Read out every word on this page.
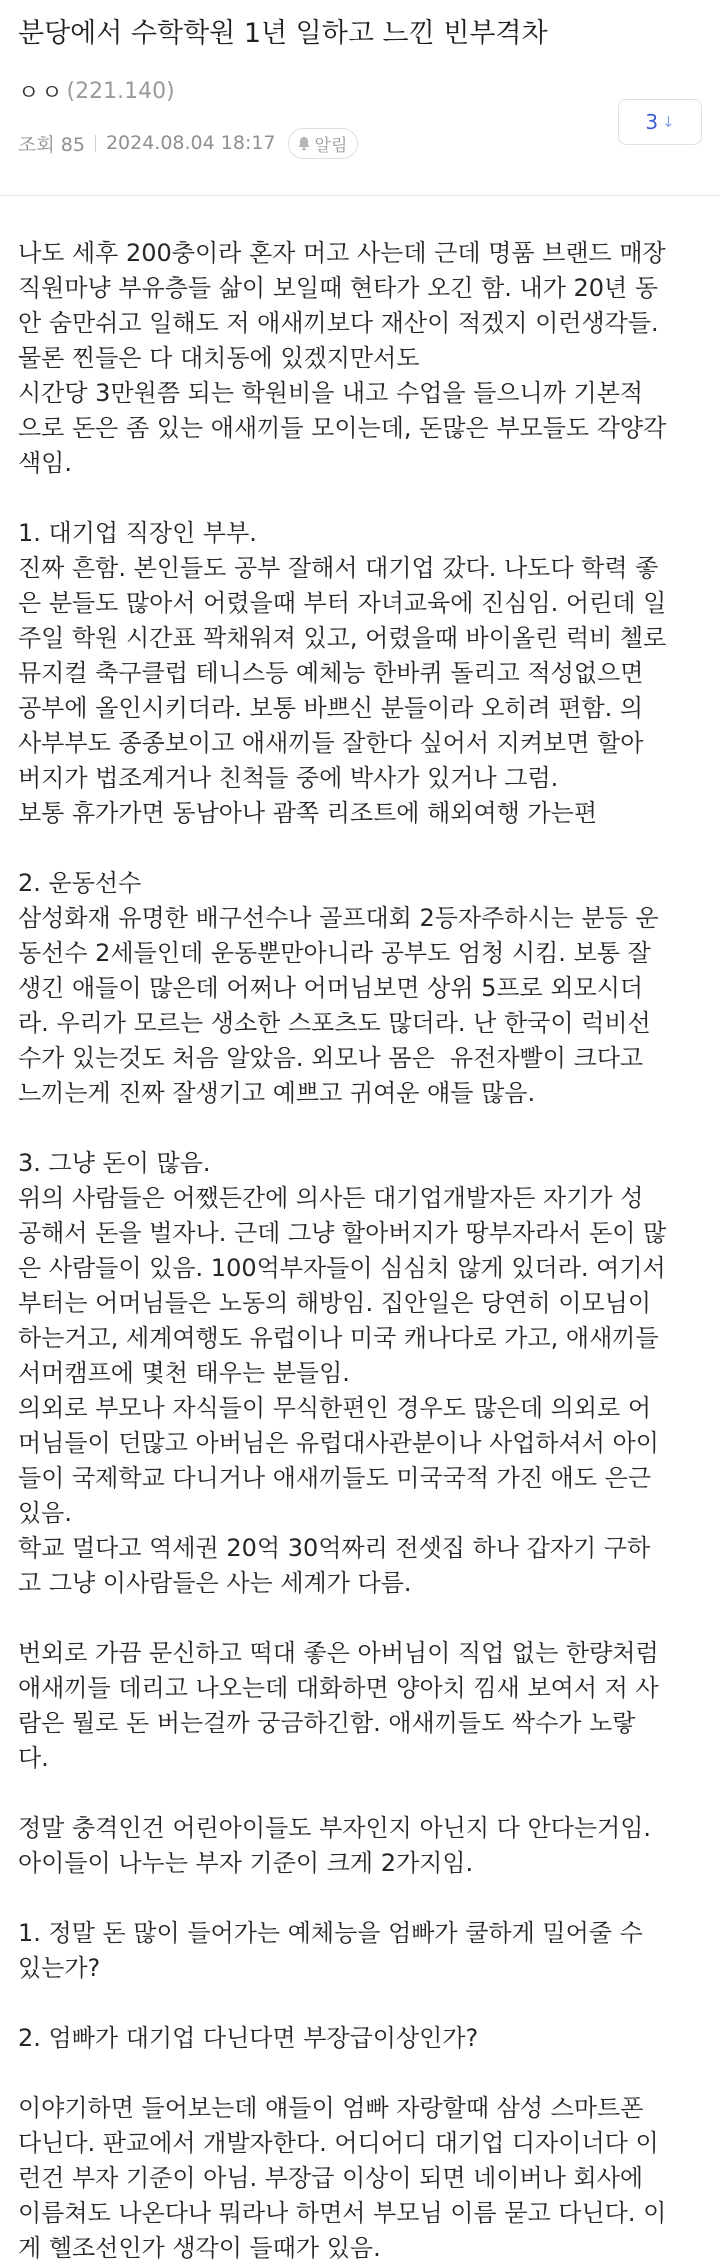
분당에서 수학학원 1년 일하고 느낀 빈부격차
ㅇㅇ (221.140)
조회 85 2024.08.04 18:17 알림
3 ↓

나도 세후 200충이라 혼자 머고 사는데 근데 명품 브랜드 매장
직원마냥 부유층들 삶이 보일때 현타가 오긴 함. 내가 20년 동
안 숨만쉬고 일해도 저 애새끼보다 재산이 적겠지 이런생각들.
물론 찐들은 다 대치동에 있겠지만서도
시간당 3만원쯤 되는 학원비을 내고 수업을 들으니까 기본적
으로 돈은 좀 있는 애새끼들 모이는데, 돈많은 부모들도 각양각
색임.

1. 대기업 직장인 부부.
진짜 흔함. 본인들도 공부 잘해서 대기업 갔다. 나도다 학력 좋
은 분들도 많아서 어렸을때 부터 자녀교육에 진심임. 어린데 일
주일 학원 시간표 꽉채워져 있고, 어렸을때 바이올린 럭비 첼로
뮤지컬 축구클럽 테니스등 예체능 한바퀴 돌리고 적성없으면
공부에 올인시키더라. 보통 바쁘신 분들이라 오히려 편함. 의
사부부도 종종보이고 애새끼들 잘한다 싶어서 지켜보면 할아
버지가 법조계거나 친척들 중에 박사가 있거나 그럼.
보통 휴가가면 동남아나 괌쪽 리조트에 해외여행 가는편

2. 운동선수
삼성화재 유명한 배구선수나 골프대회 2등자주하시는 분등 운
동선수 2세들인데 운동뿐만아니라 공부도 엄청 시킴. 보통 잘
생긴 애들이 많은데 어쩌나 어머님보면 상위 5프로 외모시더
라. 우리가 모르는 생소한 스포츠도 많더라. 난 한국이 럭비선
수가 있는것도 처음 알았음. 외모나 몸은  유전자빨이 크다고
느끼는게 진짜 잘생기고 예쁘고 귀여운 얘들 많음.

3. 그냥 돈이 많음.
위의 사람들은 어쨌든간에 의사든 대기업개발자든 자기가 성
공해서 돈을 벌자나. 근데 그냥 할아버지가 땅부자라서 돈이 많
은 사람들이 있음. 100억부자들이 심심치 않게 있더라. 여기서
부터는 어머님들은 노동의 해방임. 집안일은 당연히 이모님이
하는거고, 세계여행도 유럽이나 미국 캐나다로 가고, 애새끼들
서머캠프에 몇천 태우는 분들임.
의외로 부모나 자식들이 무식한편인 경우도 많은데 의외로 어
머님들이 던많고 아버님은 유럽대사관분이나 사업하셔서 아이
들이 국제학교 다니거나 애새끼들도 미국국적 가진 애도 은근
있음.
학교 멀다고 역세권 20억 30억짜리 전셋집 하나 갑자기 구하
고 그냥 이사람들은 사는 세계가 다름.

번외로 가끔 문신하고 떡대 좋은 아버님이 직업 없는 한량처럼
애새끼들 데리고 나오는데 대화하면 양아치 낌새 보여서 저 사
람은 뭘로 돈 버는걸까 궁금하긴함. 애새끼들도 싹수가 노랗
다.

정말 충격인건 어린아이들도 부자인지 아닌지 다 안다는거임.
아이들이 나누는 부자 기준이 크게 2가지임.

1. 정말 돈 많이 들어가는 예체능을 엄빠가 쿨하게 밀어줄 수
있는가?

2. 엄빠가 대기업 다닌다면 부장급이상인가?

이야기하면 들어보는데 얘들이 엄빠 자랑할때 삼성 스마트폰
다닌다. 판교에서 개발자한다. 어디어디 대기업 디자이너다 이
런건 부자 기준이 아님. 부장급 이상이 되면 네이버나 회사에
이름쳐도 나온다나 뭐라나 하면서 부모님 이름 묻고 다닌다. 이
게 헬조선인가 생각이 들때가 있음.
